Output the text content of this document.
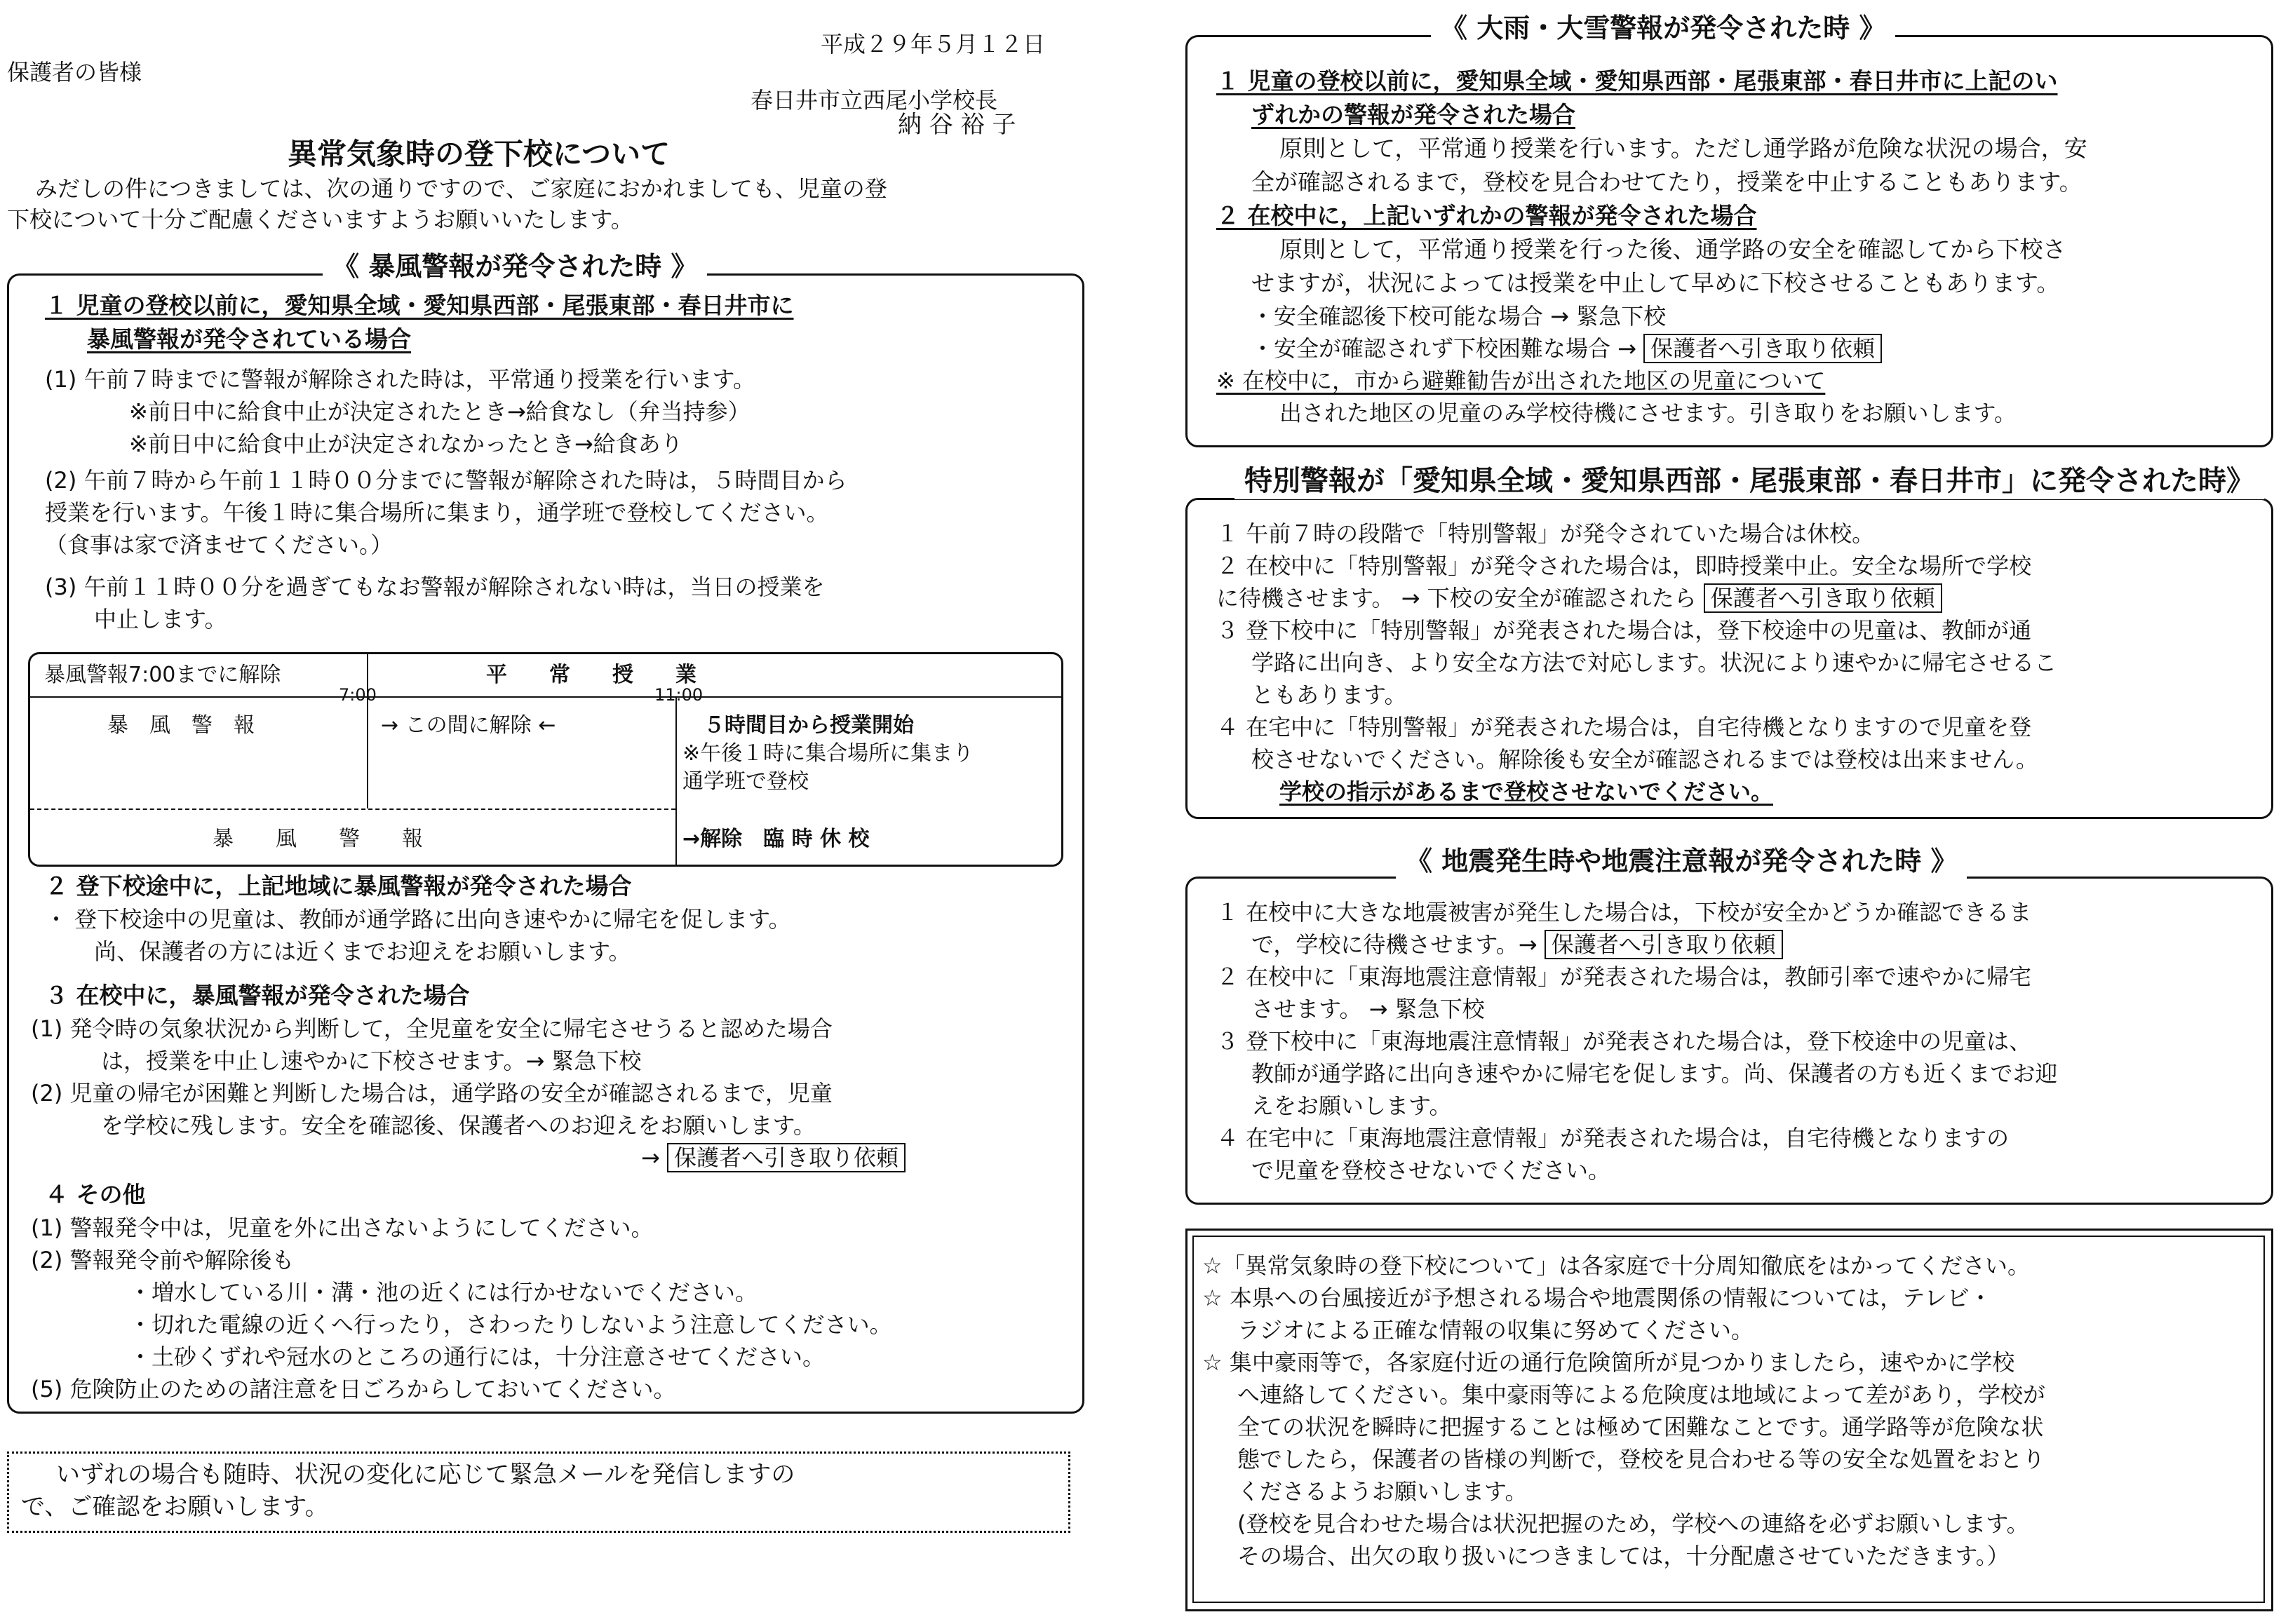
平成２９年５月１２日
保護者の皆様
春日井市立西尾小学校長
納 谷 裕 子
異常気象時の登下校について
みだしの件につきましては、次の通りですので、ご家庭におかれましても、児童の登
下校について十分ご配慮くださいますようお願いいたします。
《 暴風警報が発令された時 》

１ 児童の登校以前に，愛知県全域・愛知県西部・尾張東部・春日井市に

暴風警報が発令されている場合

(1) 午前７時までに警報が解除された時は，平常通り授業を行います。

※前日中に給食中止が決定されたとき→給食なし（弁当持参）

※前日中に給食中止が決定されなかったとき→給食あり

(2) 午前７時から午前１１時００分までに警報が解除された時は，５時間目から

授業を行います。午後１時に集合場所に集まり，通学班で登校してください。

（食事は家で済ませてください。）

(3) 午前１１時００分を過ぎてもなお警報が解除されない時は，当日の授業を

中止します。

暴風警報7:00までに解除	平　　常　　授　　業
7:00	11:00
暴　風　警　報	→ この間に解除 ←	５時間目から授業開始
※午後１時に集合場所に集まり
通学班で登校
暴　　風　　警　　報	→解除　臨 時 休 校

２ 登下校途中に，上記地域に暴風警報が発令された場合

・ 登下校途中の児童は、教師が通学路に出向き速やかに帰宅を促します。

尚、保護者の方には近くまでお迎えをお願いします。

３ 在校中に，暴風警報が発令された場合

(1) 発令時の気象状況から判断して，全児童を安全に帰宅させうると認めた場合

は，授業を中止し速やかに下校させます。→ 緊急下校

(2) 児童の帰宅が困難と判断した場合は，通学路の安全が確認されるまで，児童

を学校に残します。安全を確認後、保護者へのお迎えをお願いします。

→ 保護者へ引き取り依頼

４ その他

(1) 警報発令中は，児童を外に出さないようにしてください。

(2) 警報発令前や解除後も

・増水している川・溝・池の近くには行かせないでください。

・切れた電線の近くへ行ったり，さわったりしないよう注意してください。

・土砂くずれや冠水のところの通行には，十分注意させてください。

(5) 危険防止のための諸注意を日ごろからしておいてください。

いずれの場合も随時、状況の変化に応じて緊急メールを発信しますの
で、ご確認をお願いします。
《 大雨・大雪警報が発令された時 》

１ 児童の登校以前に，愛知県全域・愛知県西部・尾張東部・春日井市に上記のい

ずれかの警報が発令された場合

原則として，平常通り授業を行います。ただし通学路が危険な状況の場合，安

全が確認されるまで，登校を見合わせてたり，授業を中止することもあります。

２ 在校中に，上記いずれかの警報が発令された場合

原則として，平常通り授業を行った後、通学路の安全を確認してから下校さ

せますが，状況によっては授業を中止して早めに下校させることもあります。

・安全確認後下校可能な場合 → 緊急下校

・安全が確認されず下校困難な場合 → 保護者へ引き取り依頼

※ 在校中に，市から避難勧告が出された地区の児童について

出された地区の児童のみ学校待機にさせます。引き取りをお願いします。

特別警報が「愛知県全域・愛知県西部・尾張東部・春日井市」に発令された時》

１ 午前７時の段階で「特別警報」が発令されていた場合は休校。

２ 在校中に「特別警報」が発令された場合は，即時授業中止。安全な場所で学校

に待機させます。 → 下校の安全が確認されたら 保護者へ引き取り依頼

３ 登下校中に「特別警報」が発表された場合は，登下校途中の児童は、教師が通

学路に出向き、より安全な方法で対応します。状況により速やかに帰宅させるこ

ともあります。

４ 在宅中に「特別警報」が発表された場合は，自宅待機となりますので児童を登

校させないでください。解除後も安全が確認されるまでは登校は出来ません。

学校の指示があるまで登校させないでください。

《 地震発生時や地震注意報が発令された時 》

１ 在校中に大きな地震被害が発生した場合は，下校が安全かどうか確認できるま

で，学校に待機させます。→ 保護者へ引き取り依頼

２ 在校中に「東海地震注意情報」が発表された場合は，教師引率で速やかに帰宅

させます。 → 緊急下校

３ 登下校中に「東海地震注意情報」が発表された場合は，登下校途中の児童は、

教師が通学路に出向き速やかに帰宅を促します。尚、保護者の方も近くまでお迎

えをお願いします。

４ 在宅中に「東海地震注意情報」が発表された場合は，自宅待機となりますの

で児童を登校させないでください。

☆「異常気象時の登下校について」は各家庭で十分周知徹底をはかってください。

☆ 本県への台風接近が予想される場合や地震関係の情報については，テレビ・

ラジオによる正確な情報の収集に努めてください。

☆ 集中豪雨等で，各家庭付近の通行危険箇所が見つかりましたら，速やかに学校

へ連絡してください。集中豪雨等による危険度は地域によって差があり，学校が

全ての状況を瞬時に把握することは極めて困難なことです。通学路等が危険な状

態でしたら，保護者の皆様の判断で，登校を見合わせる等の安全な処置をおとり

くださるようお願いします。

(登校を見合わせた場合は状況把握のため，学校への連絡を必ずお願いします。

その場合、出欠の取り扱いにつきましては，十分配慮させていただきます。）
